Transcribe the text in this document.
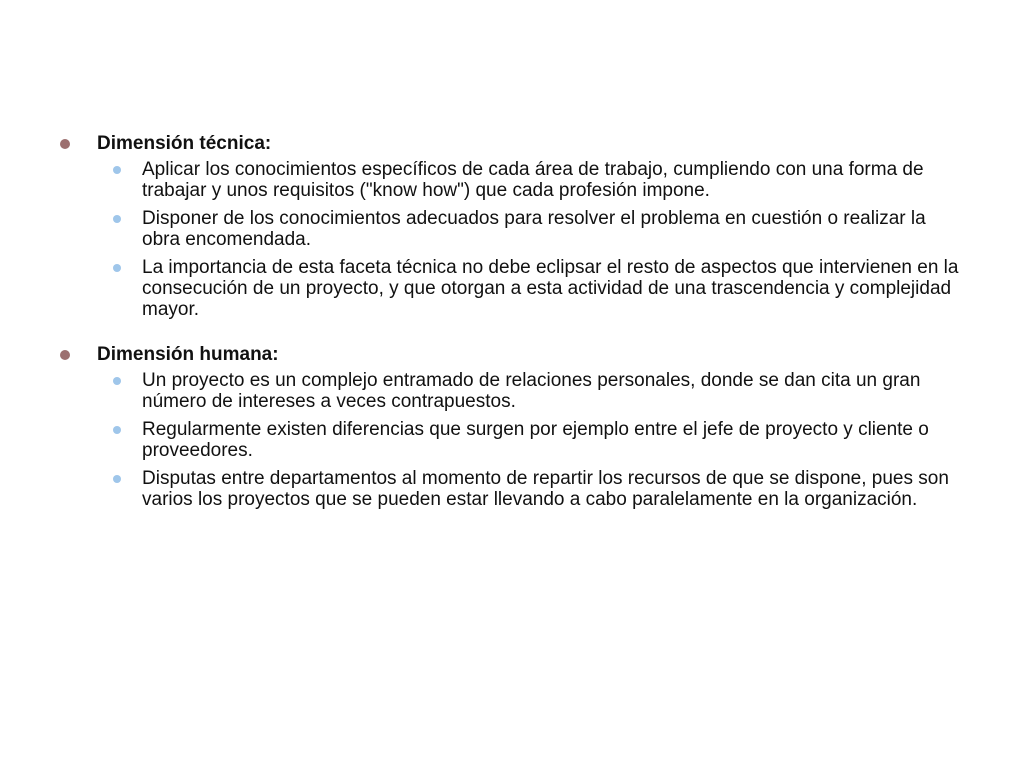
Dimensión técnica:
Aplicar los conocimientos específicos de cada área de trabajo, cumpliendo con una forma de trabajar y unos requisitos ("know how") que cada profesión impone.
Disponer de los conocimientos adecuados para resolver el problema en cuestión o realizar la obra encomendada.
La importancia de esta faceta técnica no debe eclipsar el resto de aspectos que intervienen en la consecución de un proyecto, y que otorgan a esta actividad de una trascendencia y complejidad mayor.
Dimensión humana:
Un proyecto es un complejo entramado de relaciones personales, donde se dan cita un gran número de intereses a veces contrapuestos.
Regularmente existen diferencias que surgen por ejemplo entre el jefe de proyecto y cliente o proveedores.
Disputas entre departamentos al momento de repartir los recursos de que se dispone, pues son varios los proyectos que se pueden estar llevando a cabo paralelamente en la organización.
